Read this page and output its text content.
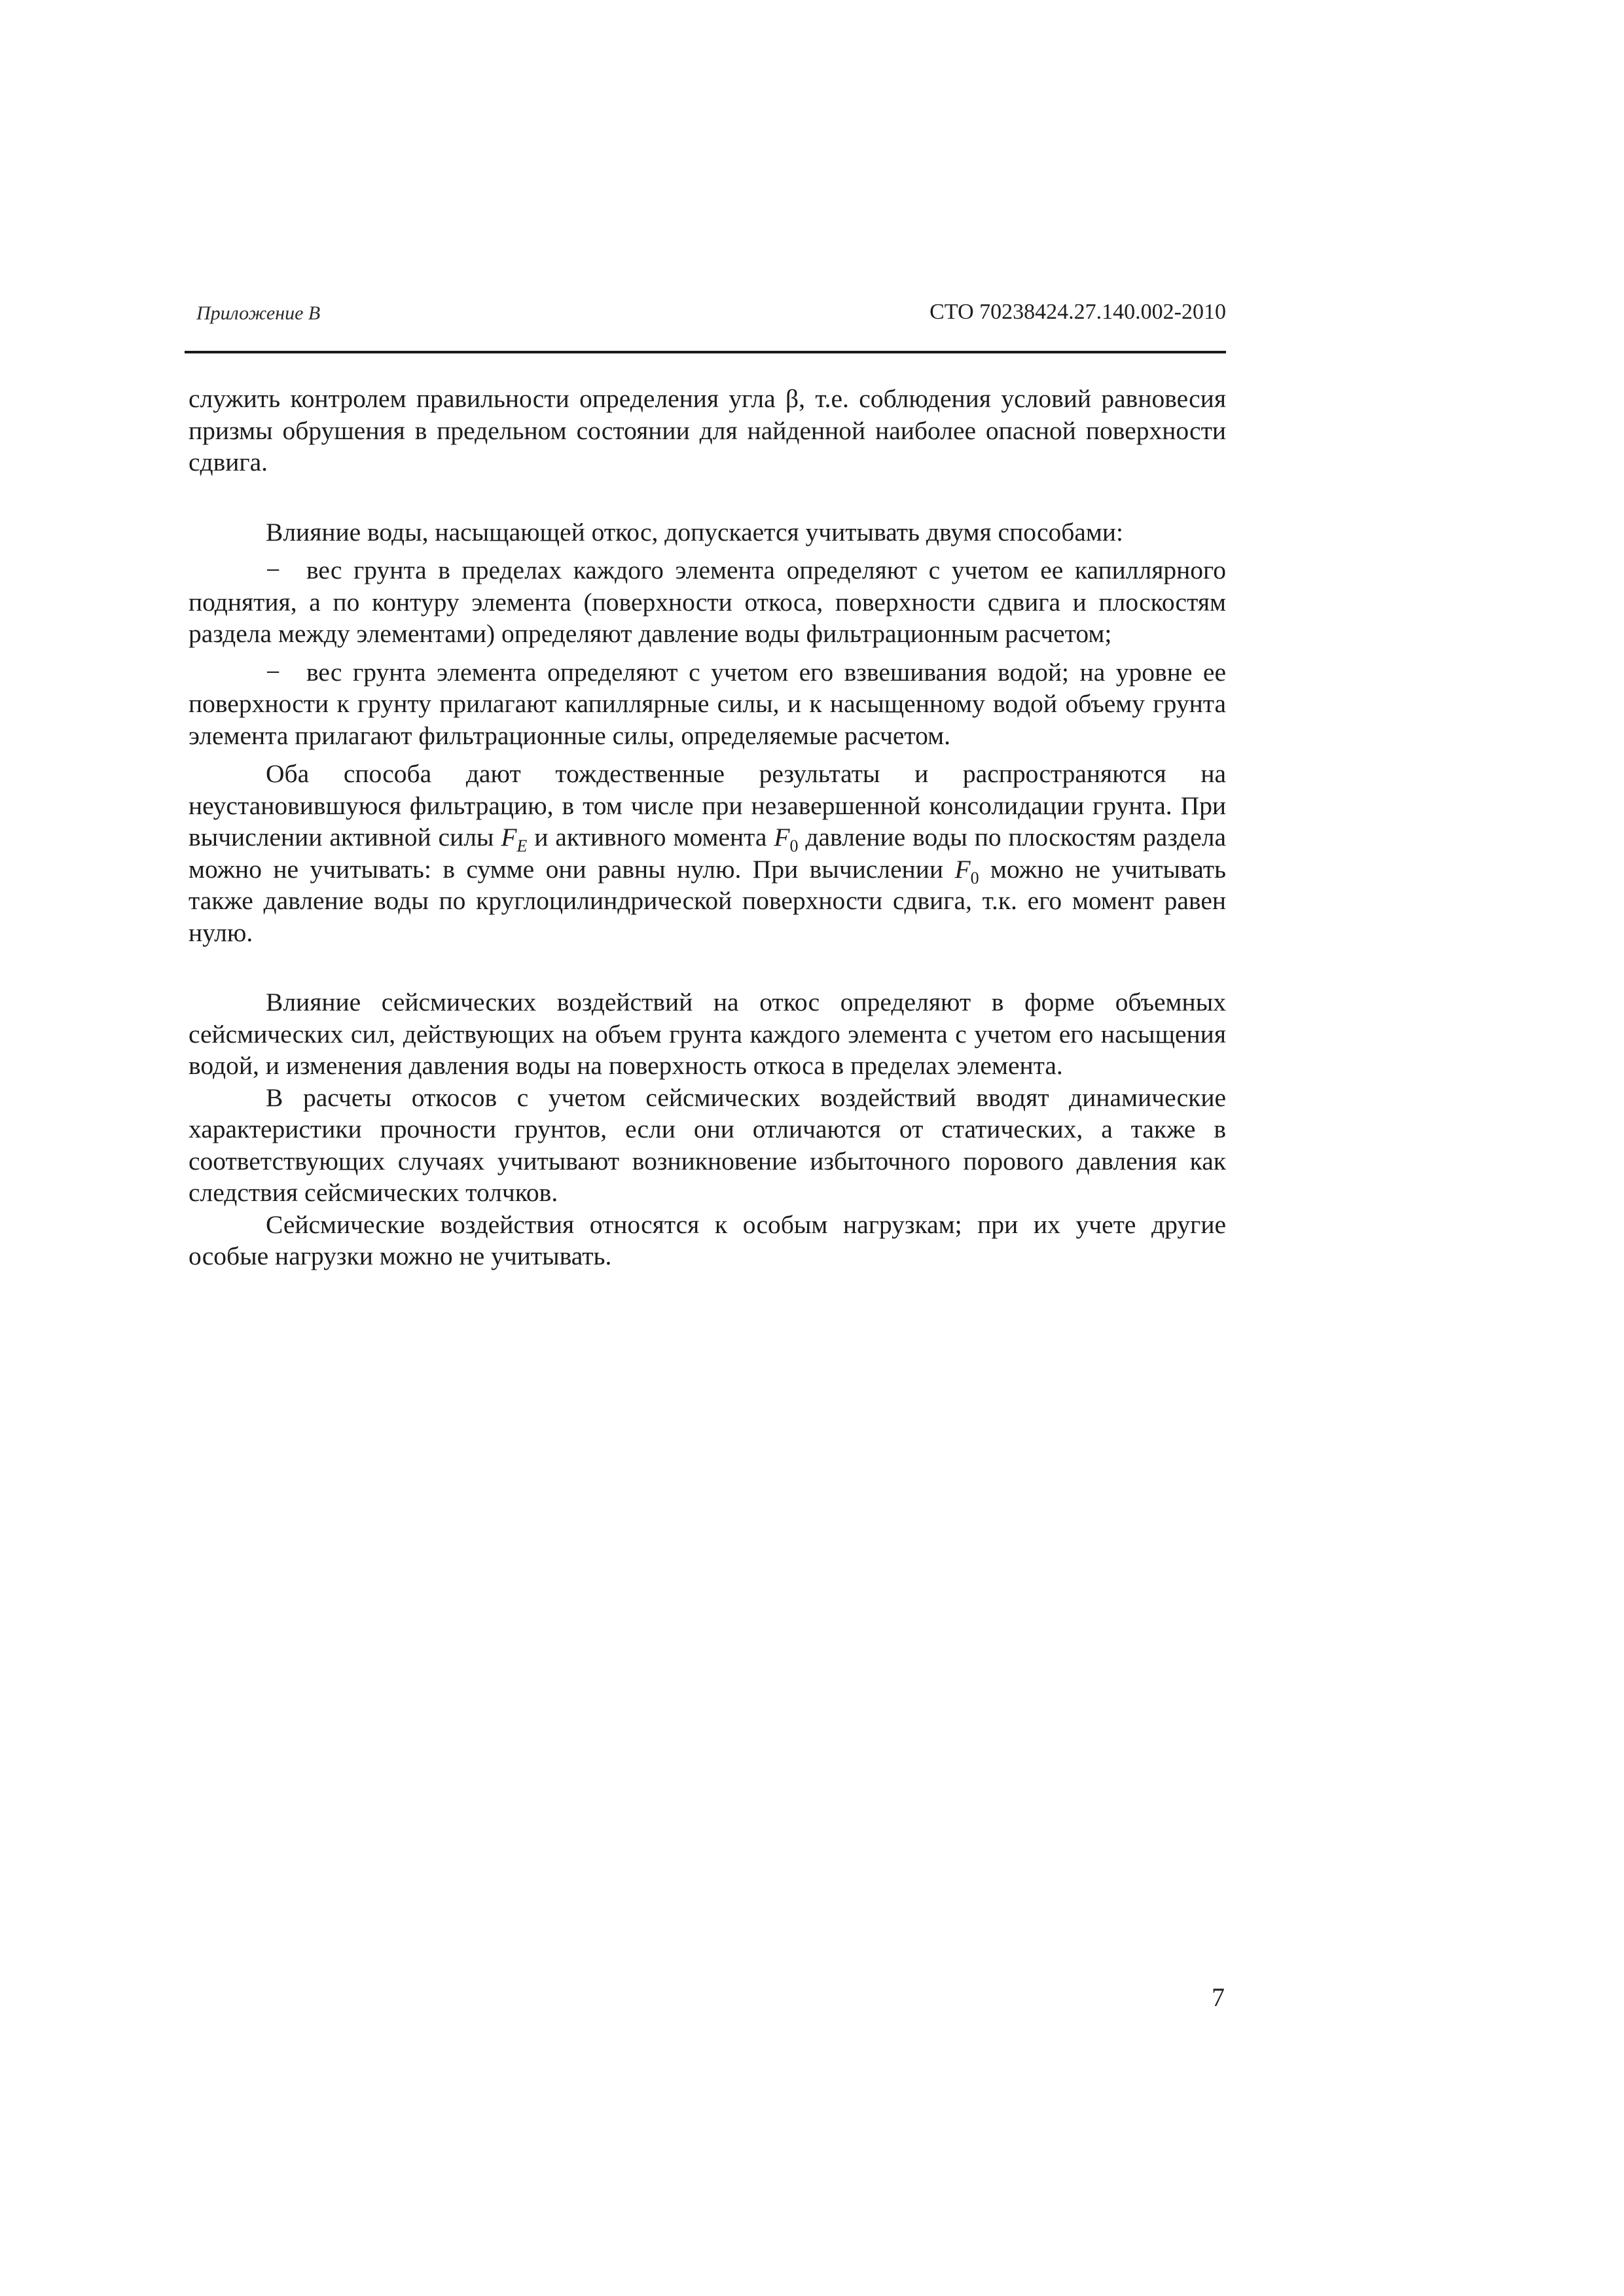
Приложение В	СТО 70238424.27.140.002-2010

служить контролем правильности определения угла β, т.е. соблюдения условий равновесия призмы обрушения в предельном состоянии для найденной наиболее опасной поверхности сдвига.

Влияние воды, насыщающей откос, допускается учитывать двумя способами:

− вес грунта в пределах каждого элемента определяют с учетом ее капиллярного поднятия, а по контуру элемента (поверхности откоса, поверхности сдвига и плоскостям раздела между элементами) определяют давление воды фильтрационным расчетом;

− вес грунта элемента определяют с учетом его взвешивания водой; на уровне ее поверхности к грунту прилагают капиллярные силы, и к насыщенному водой объему грунта элемента прилагают фильтрационные силы, определяемые расчетом.

Оба способа дают тождественные результаты и распространяются на неустановившуюся фильтрацию, в том числе при незавершенной консолидации грунта. При вычислении активной силы $F_E$ и активного момента $F_0$ давление воды по плоскостям раздела можно не учитывать: в сумме они равны нулю. При вычислении $F_0$ можно не учитывать также давление воды по круглоцилиндрической поверхности сдвига, т.к. его момент равен нулю.

Влияние сейсмических воздействий на откос определяют в форме объемных сейсмических сил, действующих на объем грунта каждого элемента с учетом его насыщения водой, и изменения давления воды на поверхность откоса в пределах элемента.

В расчеты откосов с учетом сейсмических воздействий вводят динамические характеристики прочности грунтов, если они отличаются от статических, а также в соответствующих случаях учитывают возникновение избыточного порового давления как следствия сейсмических толчков.

Сейсмические воздействия относятся к особым нагрузкам; при их учете другие особые нагрузки можно не учитывать.

7
